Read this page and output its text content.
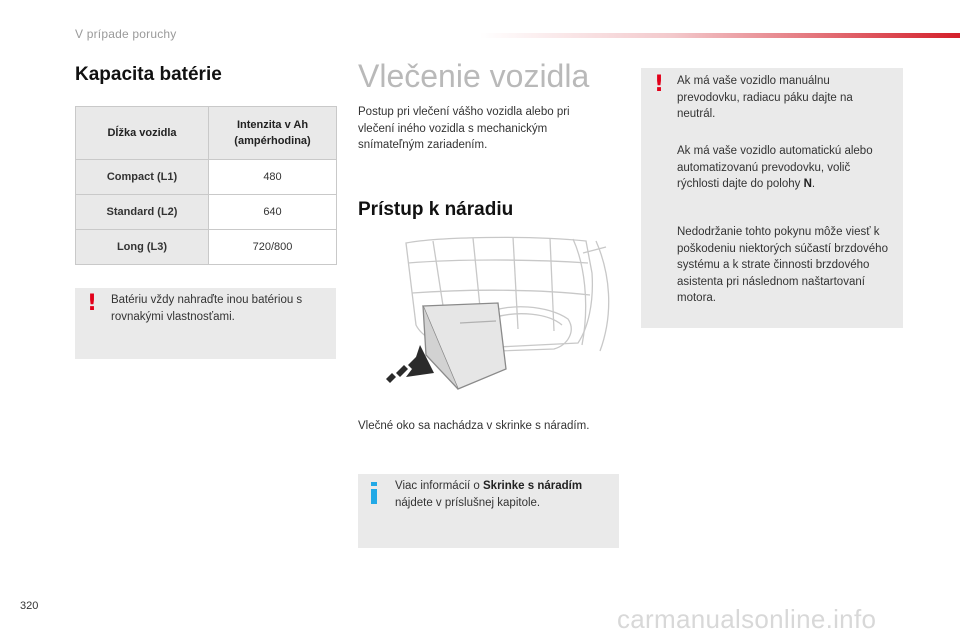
V prípade poruchy
Kapacita batérie
Dĺžka vozidla	Intenzita v Ah (ampérhodina)
Compact (L1)	480
Standard (L2)	640
Long (L3)	720/800
! Batériu vždy nahraďte inou batériou s rovnakými vlastnosťami.
Vlečenie vozidla
Postup pri vlečení vášho vozidla alebo pri vlečení iného vozidla s mechanickým snímateľným zariadením.
Prístup k náradiu
Vlečné oko sa nachádza v skrinke s náradím.
Viac informácií o Skrinke s náradím nájdete v príslušnej kapitole.
! Ak má vaše vozidlo manuálnu prevodovku, radiacu páku dajte na neutrál.
Ak má vaše vozidlo automatickú alebo automatizovanú prevodovku, volič rýchlosti dajte do polohy N.
Nedodržanie tohto pokynu môže viesť k poškodeniu niektorých súčastí brzdového systému a k strate činnosti brzdového asistenta pri následnom naštartovaní motora.
320	carmanualsonline.info
